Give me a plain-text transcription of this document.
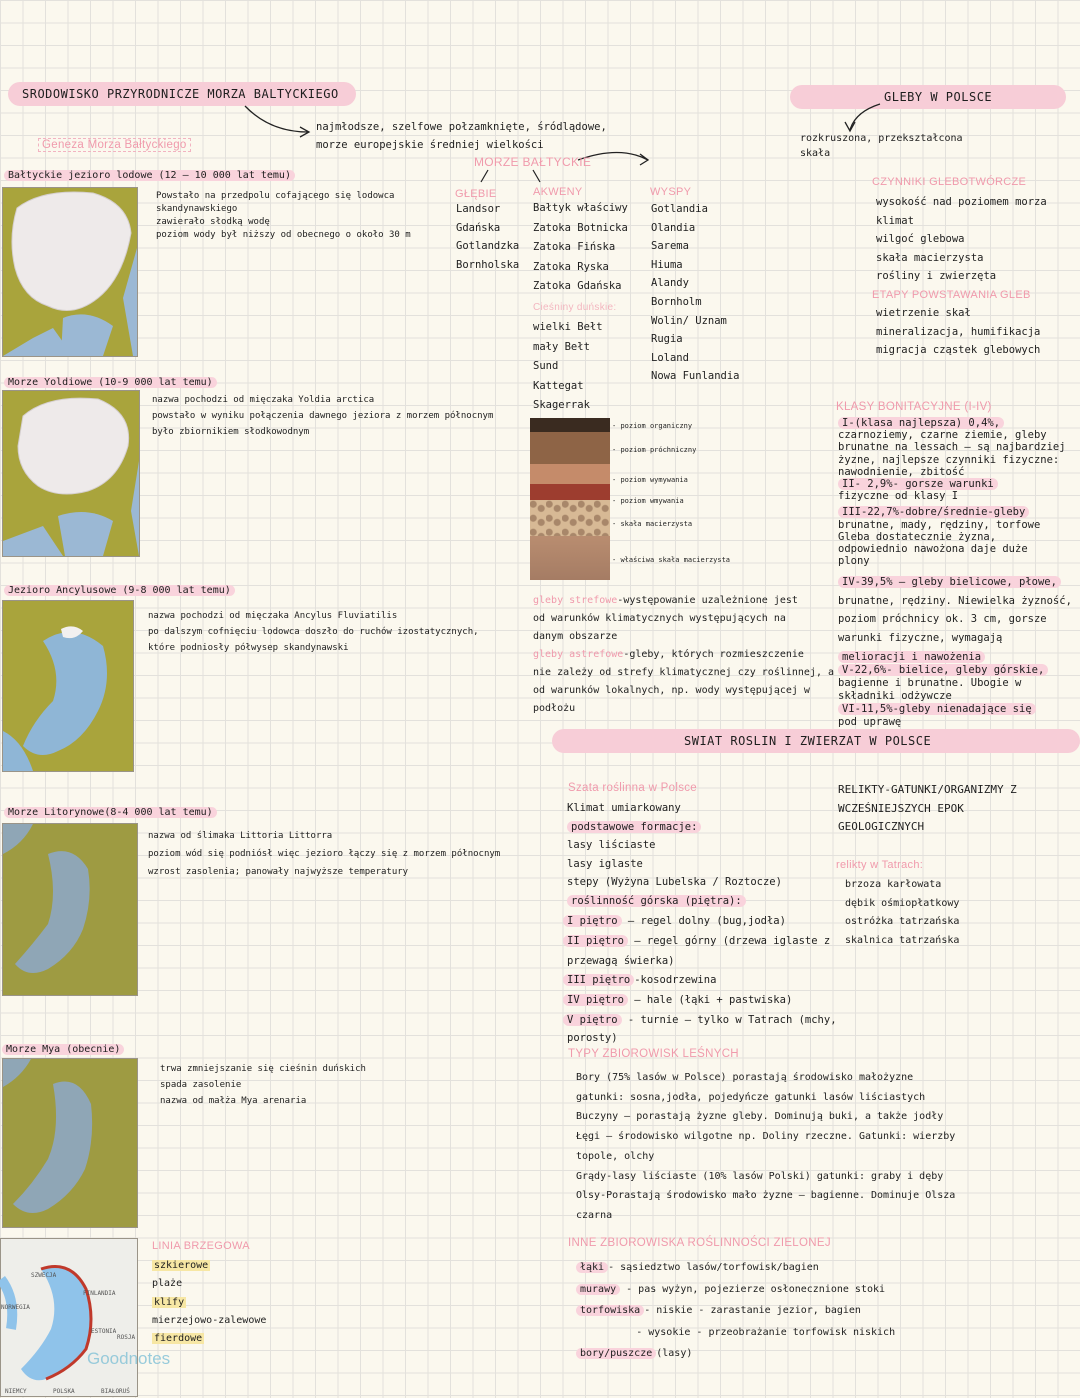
SRODOWISKO PRZYRODNICZE MORZA BALTYCKIEGO	GLEBY W POLSCE
SWIAT ROSLIN I ZWIERZAT W POLSCE
najmłodsze, szelfowe połzamknięte, śródlądowe,
morze europejskie średniej wielkości
Geneza Morza Bałtyckiego
Bałtyckie jezioro lodowe (12 – 10 000 lat temu)
Powstało na przedpolu cofającego się lodowca
skandynawskiego
zawierało słodką wodę
poziom wody był niższy od obecnego o około 30 m
Morze Yoldiowe (10-9 000 lat temu)
nazwa pochodzi od mięczaka Yoldia arctica
powstało w wyniku połączenia dawnego jeziora z morzem północnym
było zbiornikiem słodkowodnym
Jezioro Ancylusowe (9-8 000 lat temu)
nazwa pochodzi od mięczaka Ancylus Fluviatilis
po dalszym cofnięciu lodowca doszło do ruchów izostatycznych,
które podniosły półwysep skandynawski
Morze Litorynowe(8-4 000 lat temu)
nazwa od ślimaka Littoria Littorra
poziom wód się podniósł więc jezioro łączy się z morzem północnym
wzrost zasolenia; panowały najwyższe temperatury
Morze Mya (obecnie)
trwa zmniejszanie się cieśnin duńskich
spada zasolenie
nazwa od małża Mya arenaria
SZWECJA
FINLANDIA
NORWEGIA
ROSJA
ESTONIA
POLSKA
NIEMCY	BIAŁORUŚ
Goodnotes
LINIA BRZEGOWA
szkierowe
plaże
klify
mierzejowo-zalewowe
fierdowe
MORZE BAŁTYCKIE
GŁĘBIE
Landsor
Gdańska
Gotlandzka
Bornholska
AKWENY
Bałtyk właściwy
Zatoka Botnicka
Zatoka Fińska
Zatoka Ryska
Zatoka Gdańska
Cieśniny duńskie:
wielki Bełt
mały Bełt
Sund
Kattegat
Skagerrak
WYSPY
Gotlandia
Olandia
Sarema
Hiuma
Alandy
Bornholm
Wolin/ Uznam
Rugia
Loland
Nowa Funlandia
- poziom organiczny
- poziom próchniczny
- poziom wymywania
- poziom wmywania
- skała macierzysta
- właściwa skała macierzysta
gleby strefowe-występowanie uzależnione jest
od warunków klimatycznych występujących na
danym obszarze
gleby astrefowe-gleby, których rozmieszczenie
nie zależy od strefy klimatycznej czy roślinnej, a
od warunków lokalnych, np. wody występującej w
podłożu
rozkruszona, przekształcona
skała
CZYNNIKI GLEBOTWÓRCZE
wysokość nad poziomem morza
klimat
wilgoć glebowa
skała macierzysta
rośliny i zwierzęta
ETAPY POWSTAWANIA GLEB
wietrzenie skał
mineralizacja, humifikacja
migracja cząstek glebowych
KLASY BONITACYJNE (I-IV)
I-(klasa najlepsza) 0,4%,
czarnoziemy, czarne ziemie, gleby
brunatne na lessach – są najbardziej
żyzne, najlepsze czynniki fizyczne:
nawodnienie, zbitość
II- 2,9%- gorsze warunki
fizyczne od klasy I
III-22,7%-dobre/średnie-gleby
brunatne, mady, rędziny, torfowe
Gleba dostatecznie żyzna,
odpowiednio nawożona daje duże
plony
IV-39,5% – gleby bielicowe, płowe,
brunatne, rędziny. Niewielka żyzność,
poziom próchnicy ok. 3 cm, gorsze
warunki fizyczne, wymagają
melioracji i nawożenia
V-22,6%- bielice, gleby górskie,
bagienne i brunatne. Ubogie w
składniki odżywcze
VI-11,5%-gleby nienadające się
pod uprawę
Szata roślinna w Polsce
Klimat umiarkowany
podstawowe formacje:
lasy liściaste
lasy iglaste
stepy (Wyżyna Lubelska / Roztocze)
roślinność górska (piętra):
I piętro – regel dolny (bug,jodła)
II piętro – regel górny (drzewa iglaste z
przewagą świerka)
III piętro -kosodrzewina
IV piętro – hale (łąki + pastwiska)
V piętro - turnie – tylko w Tatrach (mchy,
porosty)
RELIKTY-GATUNKI/ORGANIZMY Z
WCZEŚNIEJSZYCH EPOK
GEOLOGICZNYCH
relikty w Tatrach:
brzoza karłowata
dębik ośmiopłatkowy
ostróżka tatrzańska
skalnica tatrzańska
TYPY ZBIOROWISK LEŚNYCH
Bory (75% lasów w Polsce) porastają środowisko małożyzne
gatunki: sosna,jodła, pojedyńcze gatunki lasów liściastych
Buczyny – porastają żyzne gleby. Dominują buki, a także jodły
Łęgi – środowisko wilgotne np. Doliny rzeczne. Gatunki: wierzby
topole, olchy
Grądy-lasy liściaste (10% lasów Polski) gatunki: graby i dęby
Olsy-Porastają środowisko mało żyzne – bagienne. Dominuje Olsza
czarna
INNE ZBIOROWISKA ROŚLINNOŚCI ZIELONEJ
łąki - sąsiedztwo lasów/torfowisk/bagien
murawy - pas wyżyn, pojezierze osłonecznione stoki
torfowiska - niskie - zarastanie jezior, bagien
- wysokie - przeobrażanie torfowisk niskich
bory/puszcze (lasy)
